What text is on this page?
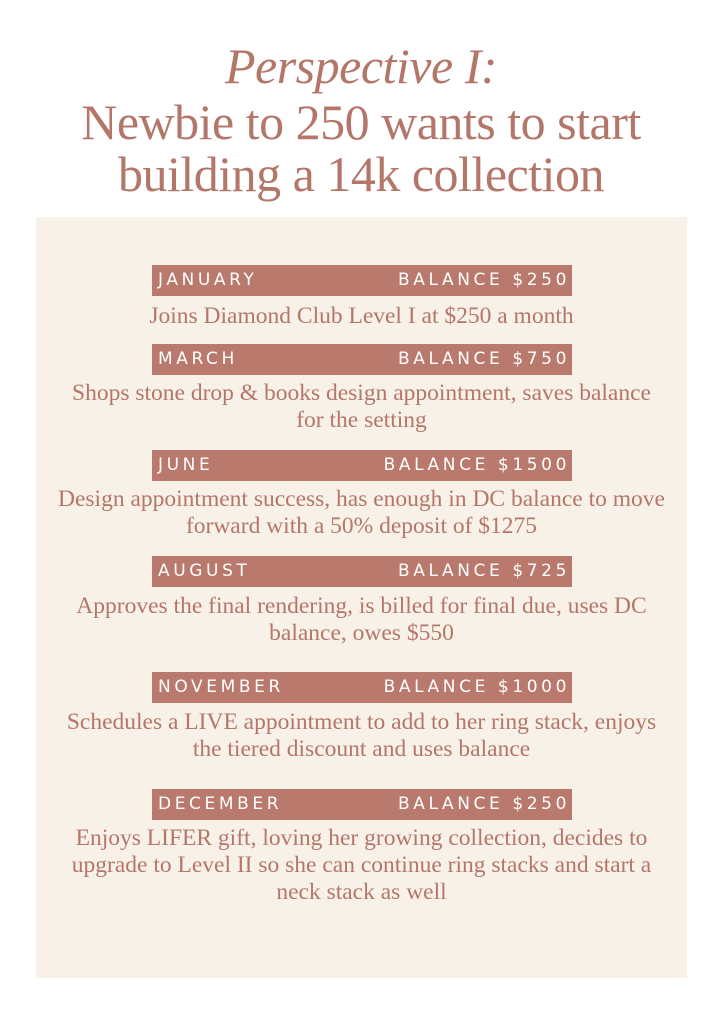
Perspective I:
Newbie to 250 wants to start
building a 14k collection
JANUARY	BALANCE $250
Joins Diamond Club Level I at $250 a month
MARCH	BALANCE $750
Shops stone drop & books design appointment, saves balance for the setting
JUNE	BALANCE $1500
Design appointment success, has enough in DC balance to move forward with a 50% deposit of $1275
AUGUST	BALANCE $725
Approves the final rendering, is billed for final due, uses DC balance, owes $550
NOVEMBER	BALANCE $1000
Schedules a LIVE appointment to add to her ring stack, enjoys the tiered discount and uses balance
DECEMBER	BALANCE $250
Enjoys LIFER gift, loving her growing collection, decides to upgrade to Level II so she can continue ring stacks and start a neck stack as well
